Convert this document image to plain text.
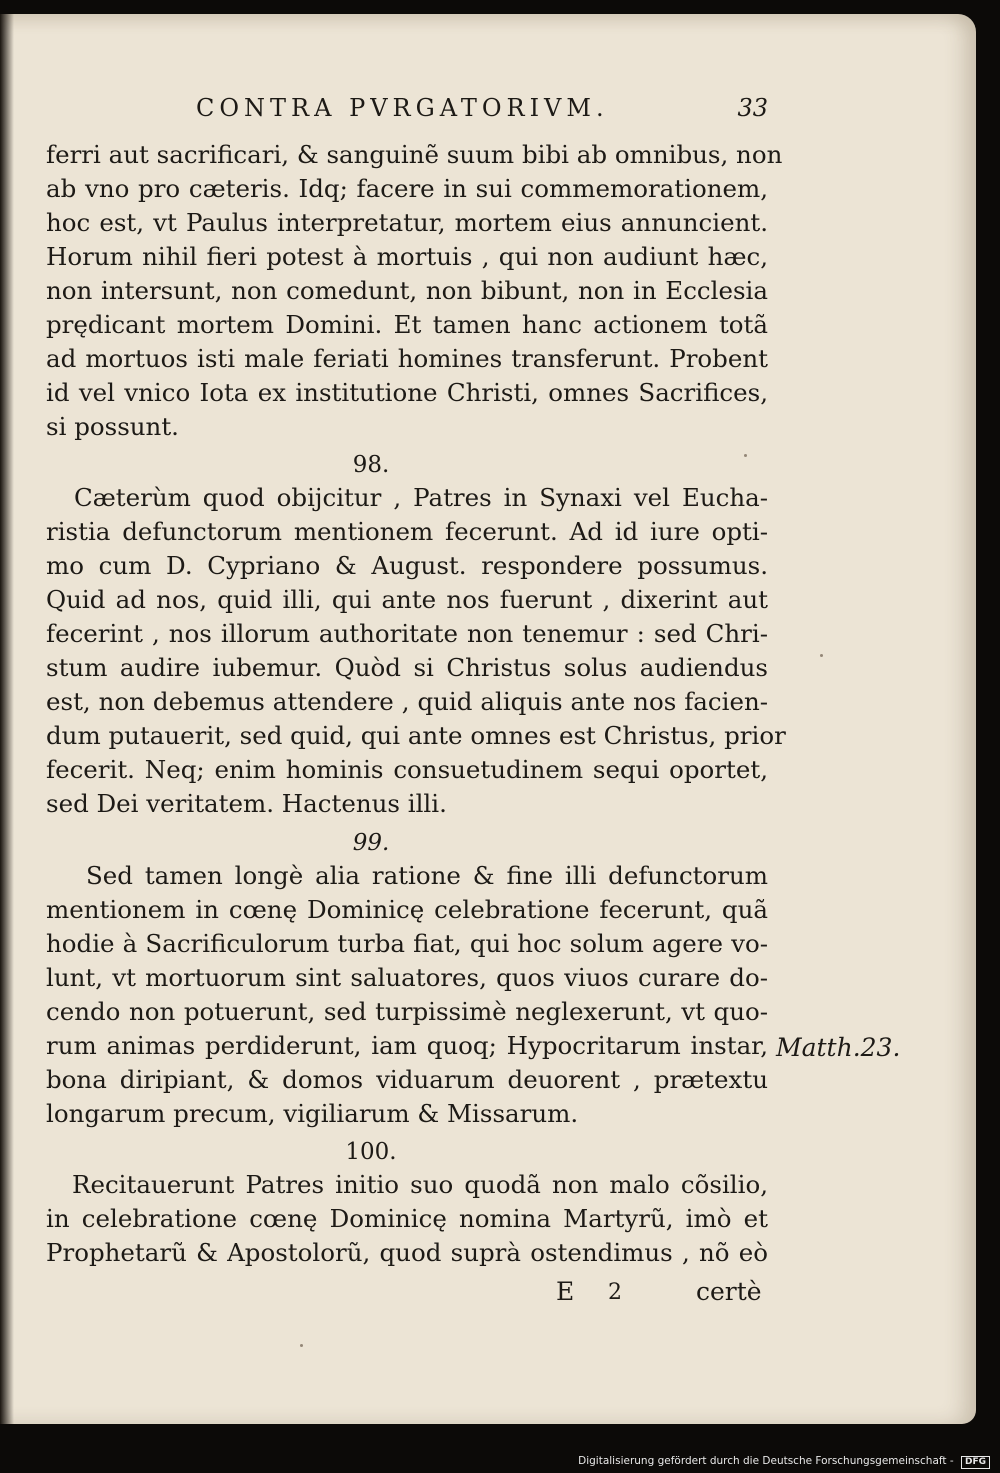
CONTRA PVRGATORIVM.	33
ferri aut sacrificari, & sanguinẽ suum bibi ab omnibus, non
ab vno pro cæteris. Idq; facere in sui commemorationem,
hoc est, vt Paulus interpretatur, mortem eius annuncient.
Horum nihil fieri potest à mortuis , qui non audiunt hæc,
non intersunt, non comedunt, non bibunt, non in Ecclesia
prędicant mortem Domini. Et tamen hanc actionem totã
ad mortuos isti male feriati homines transferunt. Probent
id vel vnico Iota ex institutione Christi, omnes Sacrifices,
si possunt.
98.
Cæterùm quod obijcitur , Patres in Synaxi vel Eucha-
ristia defunctorum mentionem fecerunt. Ad id iure opti-
mo cum D. Cypriano & August. respondere possumus.
Quid ad nos, quid illi, qui ante nos fuerunt , dixerint aut
fecerint , nos illorum authoritate non tenemur : sed Chri-
stum audire iubemur. Quòd si Christus solus audiendus
est, non debemus attendere , quid aliquis ante nos facien-
dum putauerit, sed quid, qui ante omnes est Christus, prior
fecerit. Neq; enim hominis consuetudinem sequi oportet,
sed Dei veritatem. Hactenus illi.
99.
Sed tamen longè alia ratione & fine illi defunctorum
mentionem in cœnę Dominicę celebratione fecerunt, quã
hodie à Sacrificulorum turba fiat, qui hoc solum agere vo-
lunt, vt mortuorum sint saluatores, quos viuos curare do-
cendo non potuerunt, sed turpissimè neglexerunt, vt quo-
rum animas perdiderunt, iam quoq; Hypocritarum instar,
bona diripiant, & domos viduarum deuorent , prætextu
longarum precum, vigiliarum & Missarum.
100.
Recitauerunt Patres initio suo quodã non malo cõsilio,
in celebratione cœnę Dominicę nomina Martyrũ, imò et
Prophetarũ & Apostolorũ, quod suprà ostendimus , nõ eò
Matth.23.
E 2	certè
Digitalisierung gefördert durch die Deutsche Forschungsgemeinschaft - DFG
